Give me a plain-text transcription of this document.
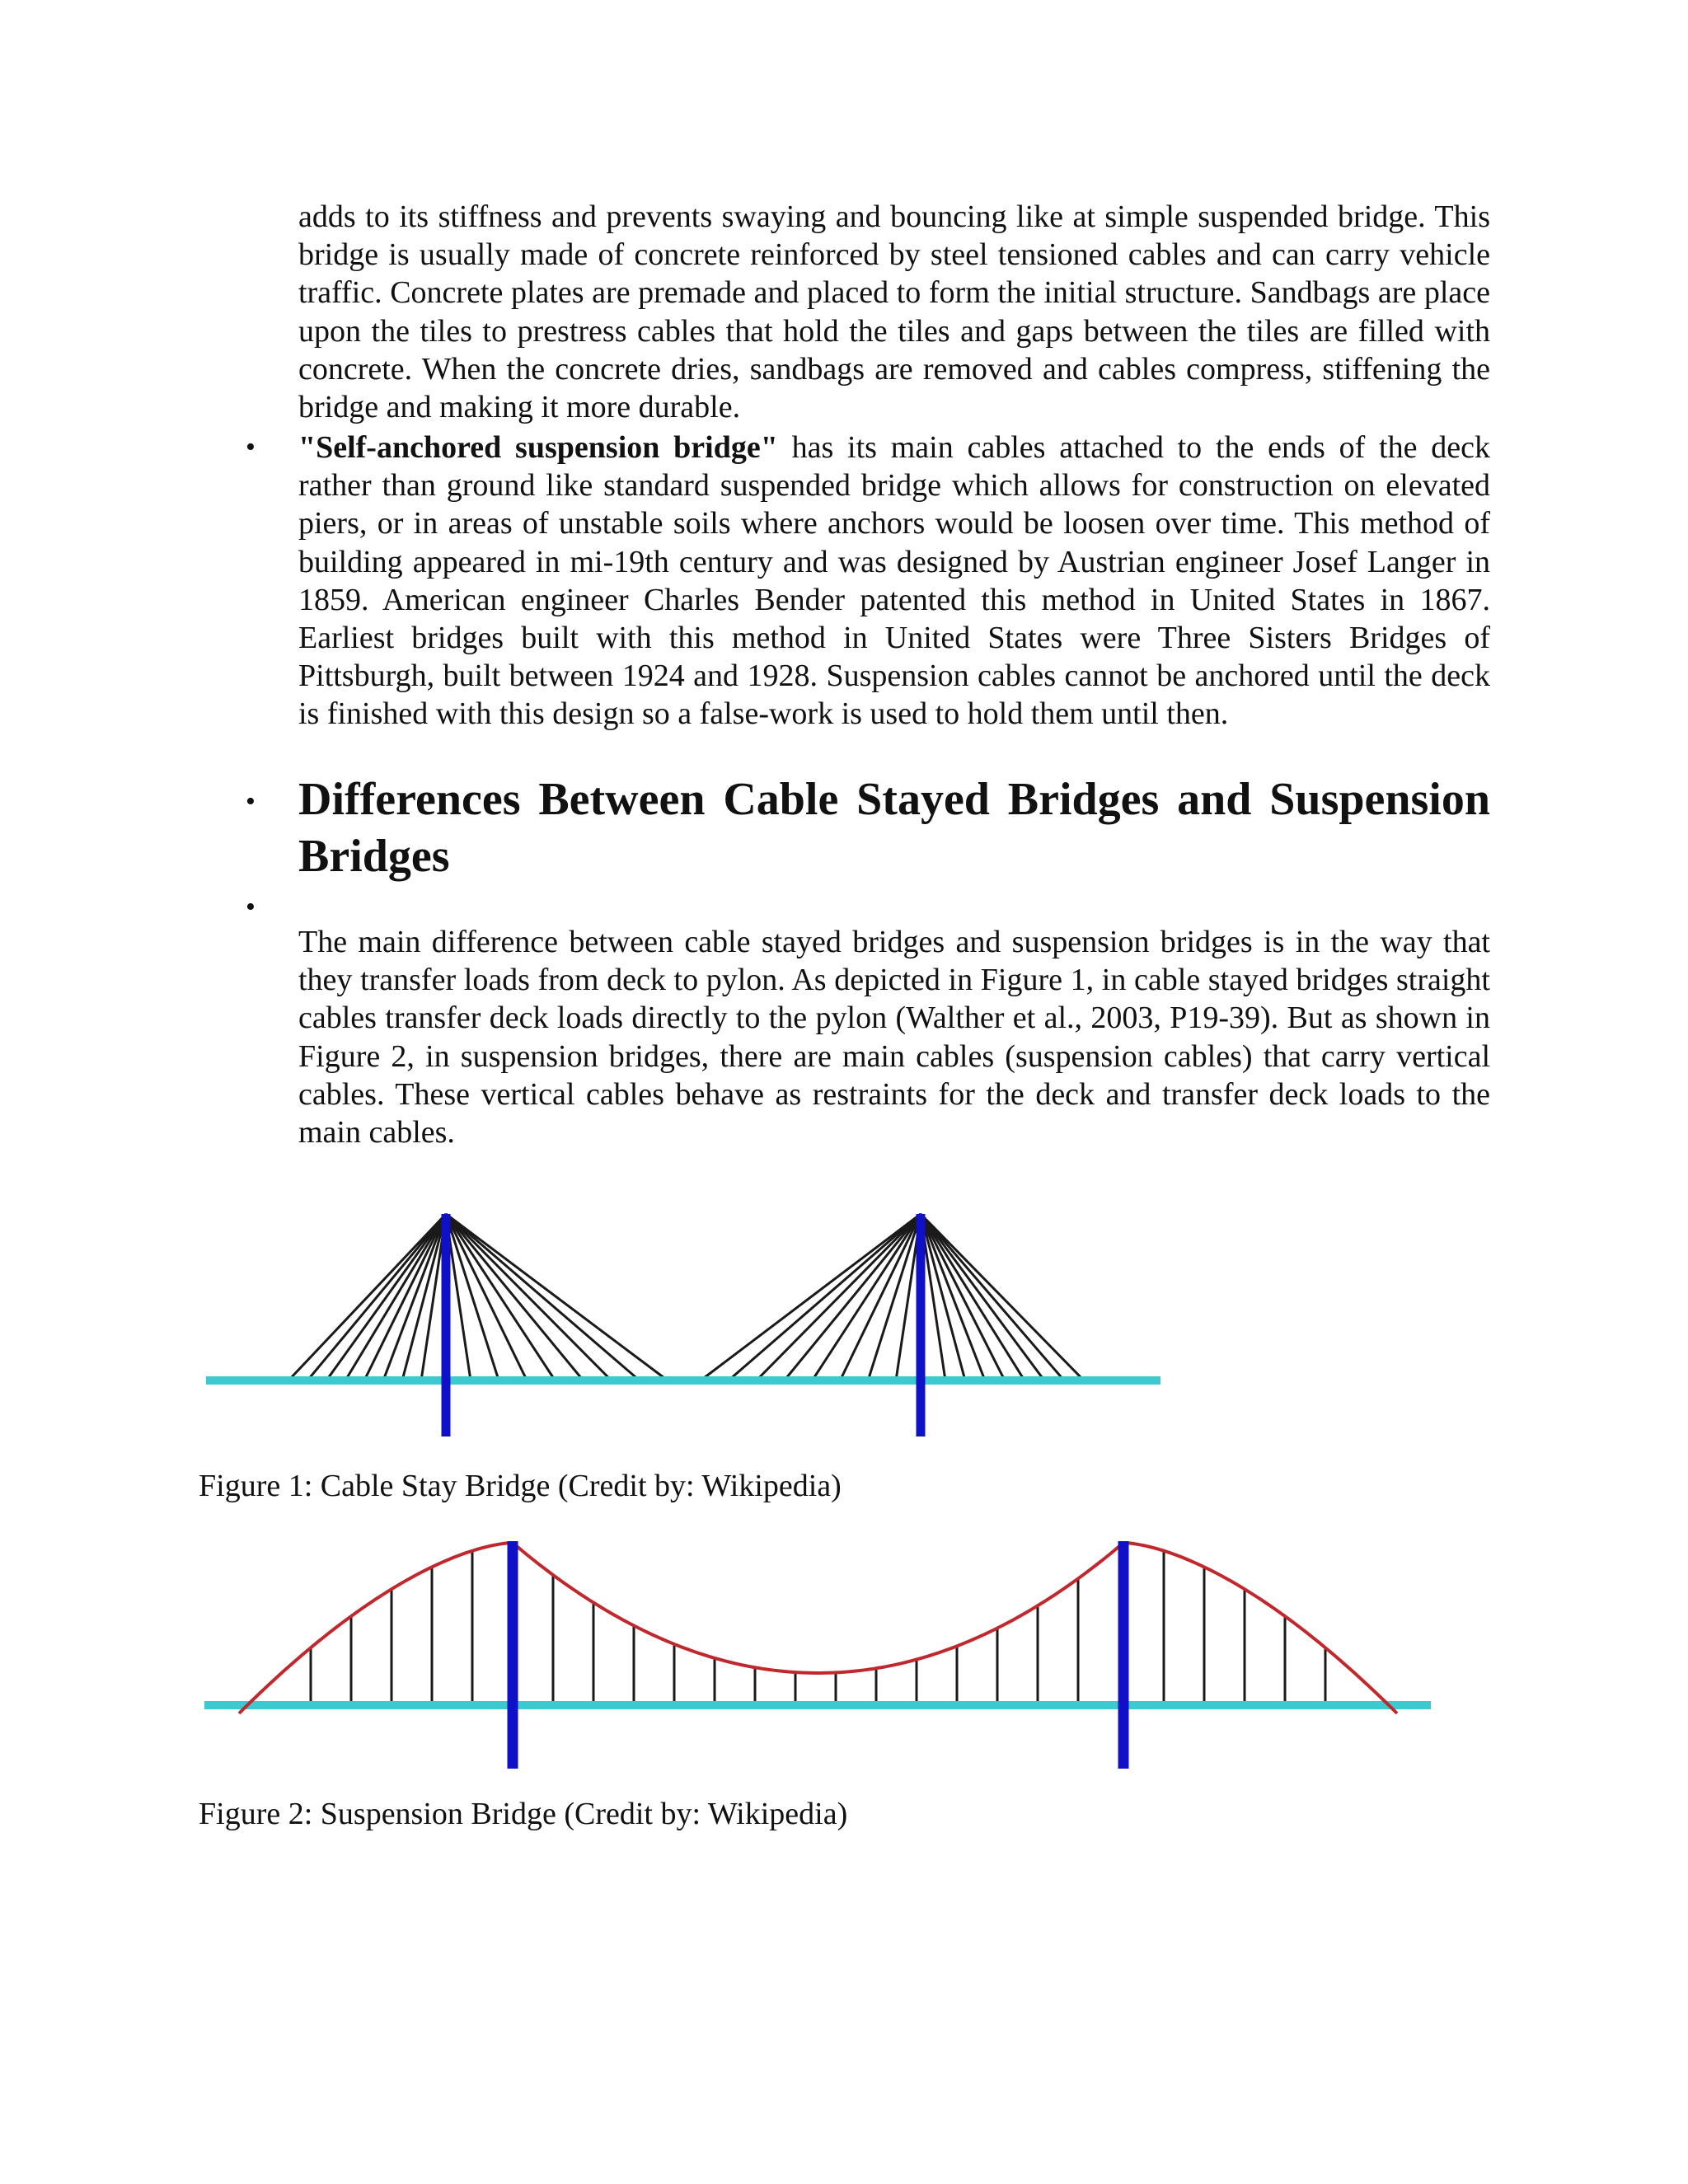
adds to its stiffness and prevents swaying and bouncing like at simple suspended bridge. This bridge is usually made of concrete reinforced by steel tensioned cables and can carry vehicle traffic. Concrete plates are premade and placed to form the initial structure. Sandbags are place upon the tiles to prestress cables that hold the tiles and gaps between the tiles are filled with concrete. When the concrete dries, sandbags are removed and cables compress, stiffening the bridge and making it more durable.

• "Self-anchored suspension bridge" has its main cables attached to the ends of the deck rather than ground like standard suspended bridge which allows for construction on elevated piers, or in areas of unstable soils where anchors would be loosen over time. This method of building appeared in mi-19th century and was designed by Austrian engineer Josef Langer in 1859. American engineer Charles Bender patented this method in United States in 1867. Earliest bridges built with this method in United States were Three Sisters Bridges of Pittsburgh, built between 1924 and 1928. Suspension cables cannot be anchored until the deck is finished with this design so a false-work is used to hold them until then.

• Differences Between Cable Stayed Bridges and Suspension Bridges
•

The main difference between cable stayed bridges and suspension bridges is in the way that they transfer loads from deck to pylon. As depicted in Figure 1, in cable stayed bridges straight cables transfer deck loads directly to the pylon (Walther et al., 2003, P19-39). But as shown in Figure 2, in suspension bridges, there are main cables (suspension cables) that carry vertical cables. These vertical cables behave as restraints for the deck and transfer deck loads to the main cables.

Figure 1: Cable Stay Bridge (Credit by: Wikipedia)

Figure 2: Suspension Bridge (Credit by: Wikipedia)
